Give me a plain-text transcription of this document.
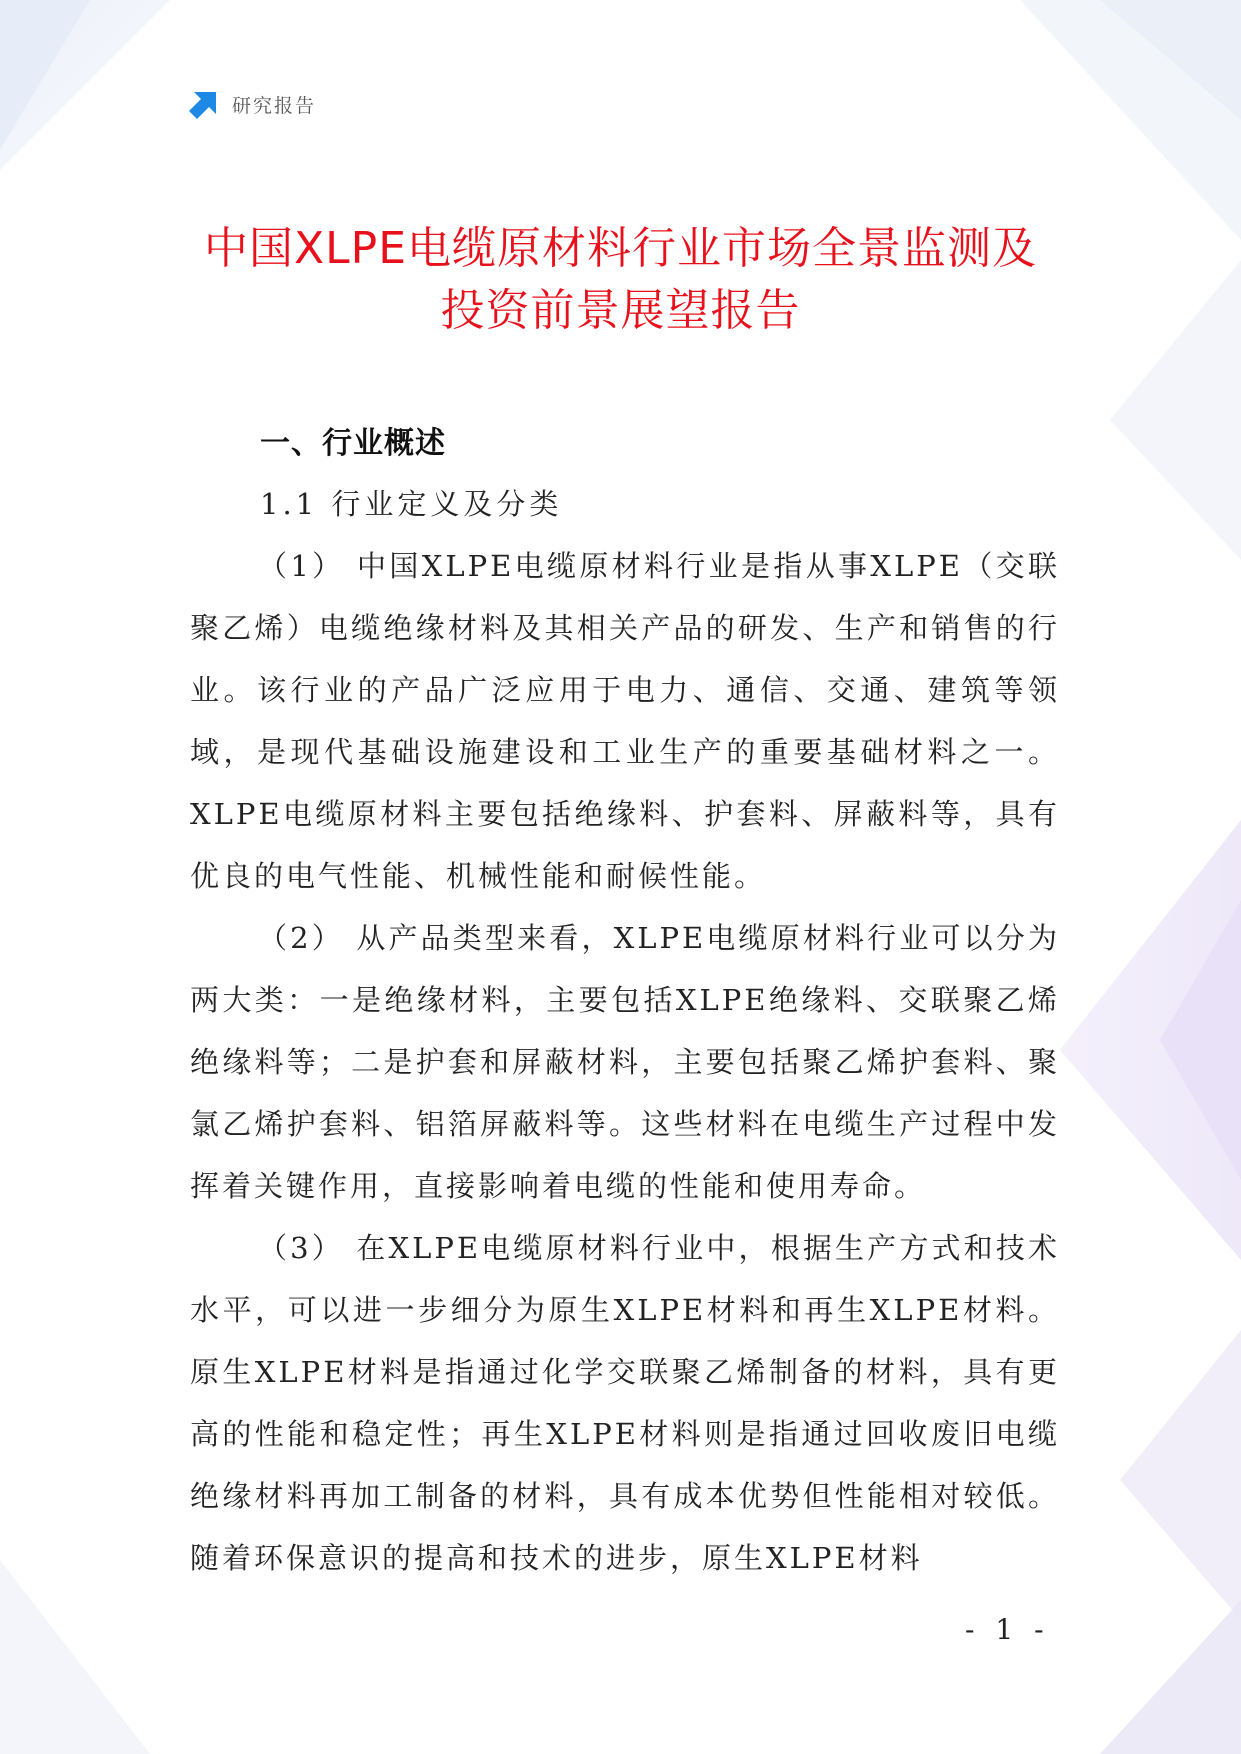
研究报告
中国XLPE电缆原材料行业市场全景监测及
投资前景展望报告
一、行业概述
1.1 行业定义及分类

（1） 中国XLPE电缆原材料行业是指从事XLPE（交联聚乙烯）电缆绝缘材料及其相关产品的研发、生产和销售的行业。该行业的产品广泛应用于电力、通信、交通、建筑等领域，是现代基础设施建设和工业生产的重要基础材料之一。XLPE电缆原材料主要包括绝缘料、护套料、屏蔽料等，具有优良的电气性能、机械性能和耐候性能。

（2） 从产品类型来看，XLPE电缆原材料行业可以分为两大类：一是绝缘材料，主要包括XLPE绝缘料、交联聚乙烯绝缘料等；二是护套和屏蔽材料，主要包括聚乙烯护套料、聚氯乙烯护套料、铝箔屏蔽料等。这些材料在电缆生产过程中发挥着关键作用，直接影响着电缆的性能和使用寿命。

（3） 在XLPE电缆原材料行业中，根据生产方式和技术水平，可以进一步细分为原生XLPE材料和再生XLPE材料。原生XLPE材料是指通过化学交联聚乙烯制备的材料，具有更高的性能和稳定性；再生XLPE材料则是指通过回收废旧电缆绝缘材料再加工制备的材料，具有成本优势但性能相对较低。随着环保意识的提高和技术的进步，原生XLPE材料

- 1 -
